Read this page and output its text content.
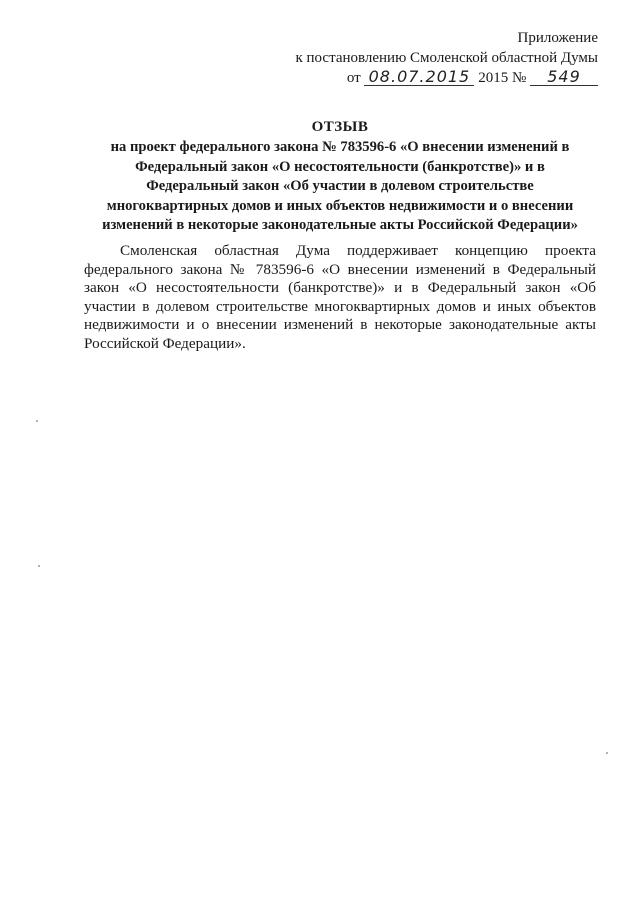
Приложение
к постановлению Смоленской областной Думы
от 08.07.2015 2015 № 549
ОТЗЫВ
на проект федерального закона № 783596-6 «О внесении изменений в
Федеральный закон «О несостоятельности (банкротстве)» и в
Федеральный закон «Об участии в долевом строительстве
многоквартирных домов и иных объектов недвижимости и о внесении
изменений в некоторые законодательные акты Российской Федерации»

Смоленская областная Дума поддерживает концепцию проекта федерального закона № 783596-6 «О внесении изменений в Федеральный закон «О несостоятельности (банкротстве)» и в Федеральный закон «Об участии в долевом строительстве многоквартирных домов и иных объектов недвижимости и о внесении изменений в некоторые законодательные акты Российской Федерации».
